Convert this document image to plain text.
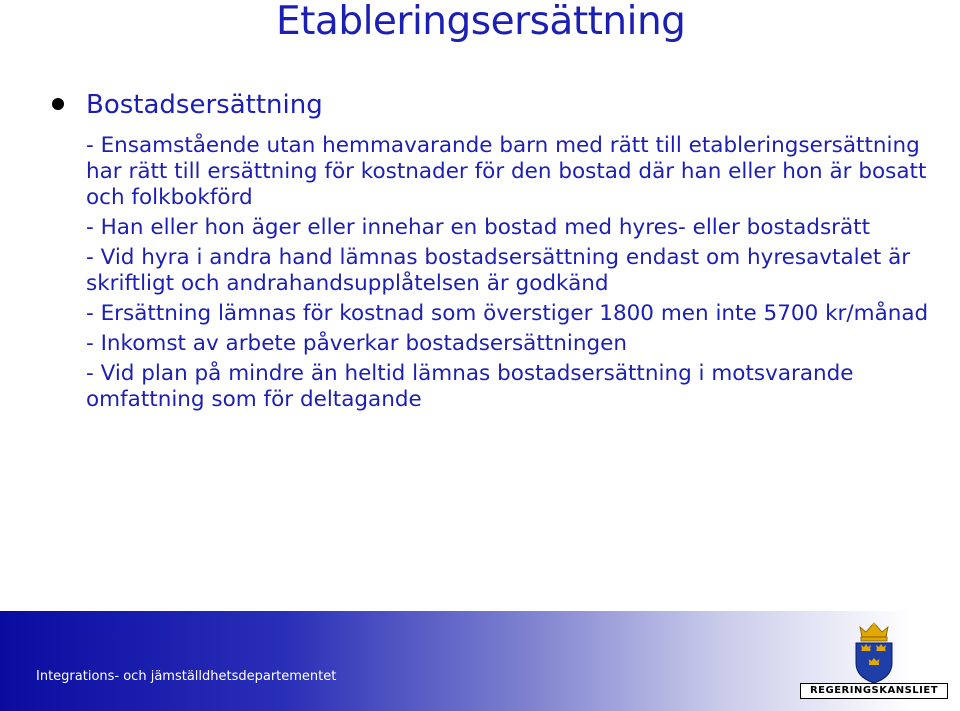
Etableringsersättning
Bostadsersättning
- Ensamstående utan hemmavarande barn med rätt till etableringsersättning har rätt till ersättning för kostnader för den bostad där han eller hon är bosatt och folkbokförd
- Han eller hon äger eller innehar en bostad med hyres- eller bostadsrätt
- Vid hyra i andra hand lämnas bostadsersättning endast om hyresavtalet är skriftligt och andrahandsupplåtelsen är godkänd
- Ersättning lämnas för kostnad som överstiger 1800 men inte 5700 kr/månad
- Inkomst av arbete påverkar bostadsersättningen
- Vid plan på mindre än heltid lämnas bostadsersättning i motsvarande omfattning som för deltagande
Integrations- och jämställdhetsdepartementet
REGERINGSKANSLIET
